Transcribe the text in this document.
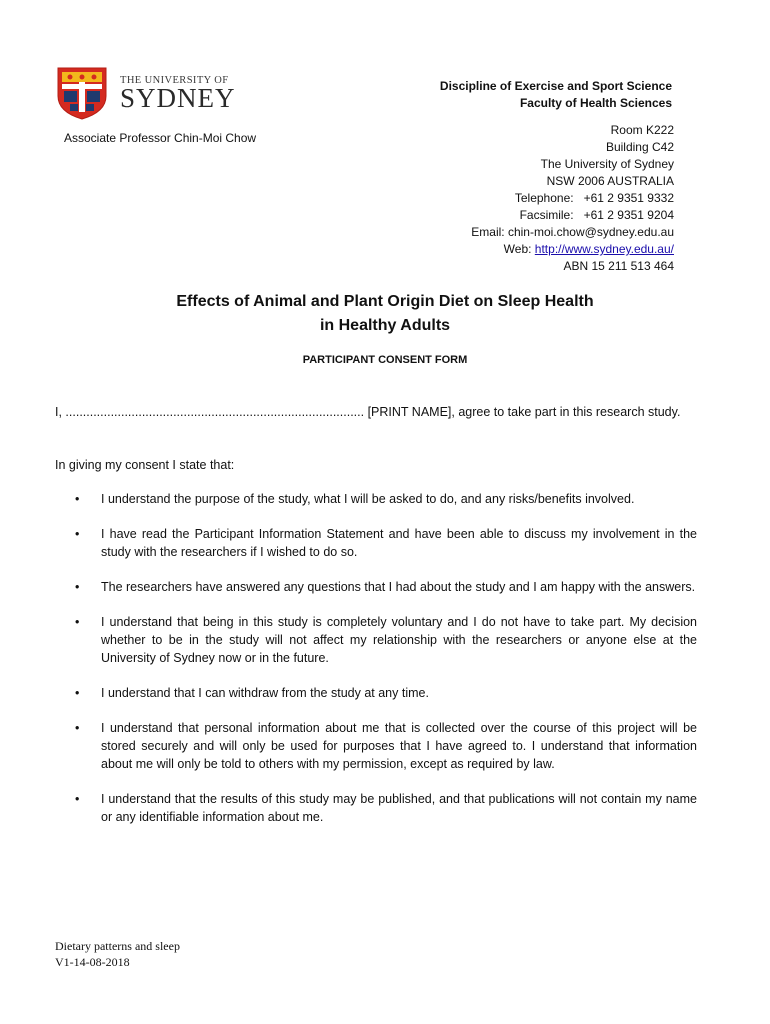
THE UNIVERSITY OF
SYDNEY	Discipline of Exercise and Sport Science
Faculty of Health Sciences
Associate Professor Chin-Moi Chow
Room K222
Building C42
The University of Sydney
NSW 2006 AUSTRALIA
Telephone:   +61 2 9351 9332
Facsimile:   +61 2 9351 9204
Email: chin-moi.chow@sydney.edu.au
Web: http://www.sydney.edu.au/
ABN 15 211 513 464
Effects of Animal and Plant Origin Diet on Sleep Health
in Healthy Adults
PARTICIPANT CONSENT FORM
I, ...................................................................................... [PRINT NAME], agree to take part in this research study.
In giving my consent I state that:
• I understand the purpose of the study, what I will be asked to do, and any risks/benefits involved.
• I have read the Participant Information Statement and have been able to discuss my involvement in the study with the researchers if I wished to do so.
• The researchers have answered any questions that I had about the study and I am happy with the answers.
• I understand that being in this study is completely voluntary and I do not have to take part. My decision whether to be in the study will not affect my relationship with the researchers or anyone else at the University of Sydney now or in the future.
• I understand that I can withdraw from the study at any time.
• I understand that personal information about me that is collected over the course of this project will be stored securely and will only be used for purposes that I have agreed to. I understand that information about me will only be told to others with my permission, except as required by law.
• I understand that the results of this study may be published, and that publications will not contain my name or any identifiable information about me.
Dietary patterns and sleep
V1-14-08-2018
